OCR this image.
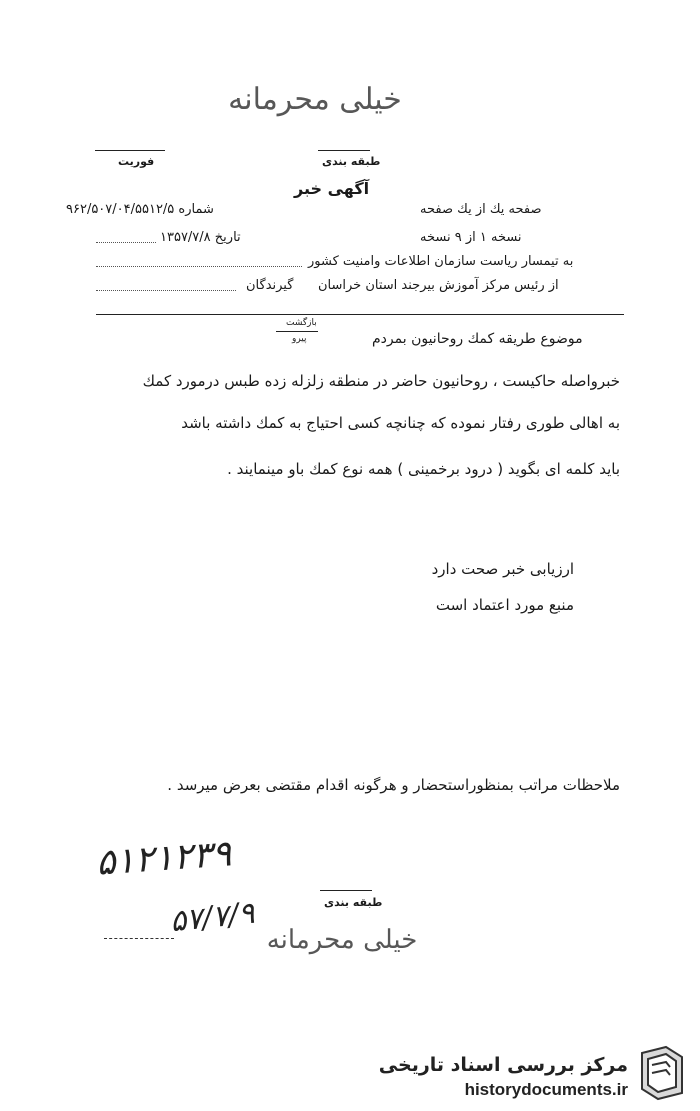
خیلی محرمانه
طبقه بندی
فوریت
آگهی خبر
شماره ۹۶۲/۵۰۷/۰۴/۵۵۱۲/۵	صفحه یك از یك صفحه
تاریخ ۱۳۵۷/۷/۸	نسخه ۱ از ۹ نسخه
به تیمسار ریاست سازمان اطلاعات وامنیت کشور
از رئیس مرکز آموزش بیرجند استان خراسان
گیرندگان
بازگشت
پیرو	موضوع طریقه کمك روحانیون بمردم
خبرواصله حاکیست ، روحانیون حاضر در منطقه زلزله زده طبس درمورد کمك
به اهالی طوری رفتار نموده که چنانچه کسی احتیاج به کمك داشته باشد
باید کلمه ای بگوید ( درود برخمینی ) همه نوع کمك باو مینمایند .
ارزیابی خبر صحت دارد
منبع مورد اعتماد است
ملاحظات مراتب بمنظوراستحضار و هرگونه اقدام مقتضی بعرض میرسد .
۵۱۲۱۲۳۹
۵۷/۷/۹	طبقه بندی
خیلی محرمانه
مرکز بررسی اسناد تاریخی
historydocuments.ir
